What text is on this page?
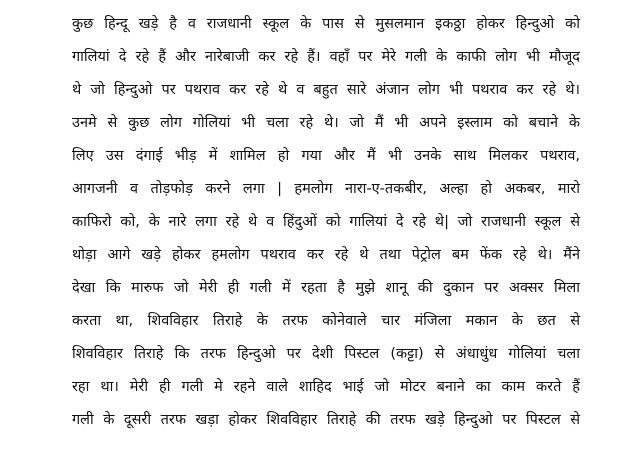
कुछ हिन्दू खड़े है व राजधानी स्कूल के पास से मुसलमान इकठ्ठा होकर हिन्दुओ को
गालियां दे रहे हैं और नारेबाजी कर रहे हैं। वहाँ पर मेरे गली के काफी लोग भी मौजूद
थे जो हिन्दुओ पर पथराव कर रहे थे व बहुत सारे अंजान लोग भी पथराव कर रहे थे।
उनमे से कुछ लोग गोलियां भी चला रहे थे। जो मैं भी अपने इस्लाम को बचाने के
लिए उस दंगाई भीड़ में शामिल हो गया और मैं भी उनके साथ मिलकर पथराव,
आगजनी व तोड़फोड़ करने लगा | हमलोग नारा-ए-तकबीर, अल्हा हो अकबर, मारो
काफिरो को, के नारे लगा रहे थे व हिंदुओं को गालियां दे रहे थे| जो राजधानी स्कूल से
थोड़ा आगे खड़े होकर हमलोग पथराव कर रहे थे तथा पेट्रोल बम फेंक रहे थे। मैंने
देखा कि मारुफ जो मेरी ही गली में रहता है मुझे शानू की दुकान पर अक्सर मिला
करता था, शिवविहार तिराहे के तरफ कोनेवाले चार मंजिला मकान के छत से
शिवविहार तिराहे कि तरफ हिन्दुओ पर देशी पिस्टल (कट्टा) से अंधाधुंध गोलियां चला
रहा था। मेरी ही गली मे रहने वाले शाहिद भाई जो मोटर बनाने का काम करते हैं
गली के दूसरी तरफ खड़ा होकर शिवविहार तिराहे की तरफ खड़े हिन्दुओ पर पिस्टल से
